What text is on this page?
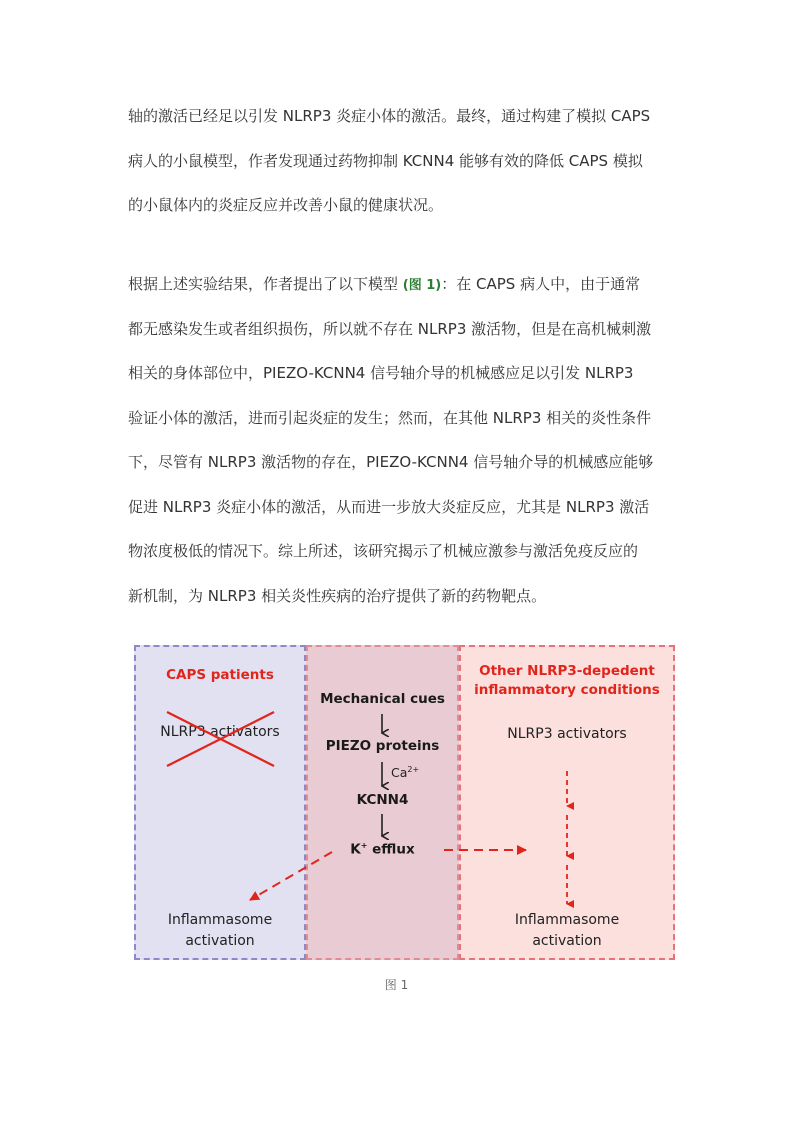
轴的激活已经足以引发 NLRP3 炎症小体的激活。最终，通过构建了模拟 CAPS
病人的小鼠模型，作者发现通过药物抑制 KCNN4 能够有效的降低 CAPS 模拟
的小鼠体内的炎症反应并改善小鼠的健康状况。
根据上述实验结果，作者提出了以下模型 (图 1)：在 CAPS 病人中，由于通常
都无感染发生或者组织损伤，所以就不存在 NLRP3 激活物，但是在高机械刺激
相关的身体部位中，PIEZO-KCNN4 信号轴介导的机械感应足以引发 NLRP3
验证小体的激活，进而引起炎症的发生；然而，在其他 NLRP3 相关的炎性条件
下，尽管有 NLRP3 激活物的存在，PIEZO-KCNN4 信号轴介导的机械感应能够
促进 NLRP3 炎症小体的激活，从而进一步放大炎症反应，尤其是 NLRP3 激活
物浓度极低的情况下。综上所述，该研究揭示了机械应激参与激活免疫反应的
新机制，为 NLRP3 相关炎性疾病的治疗提供了新的药物靶点。
CAPS patients
NLRP3 activators
Inflammasome
activation
Mechanical cues
PIEZO proteins
$Ca^{2+}$
KCNN4
K+ efflux
Other NLRP3-depedent
inflammatory conditions
NLRP3 activators
Inflammasome
activation
图 1
